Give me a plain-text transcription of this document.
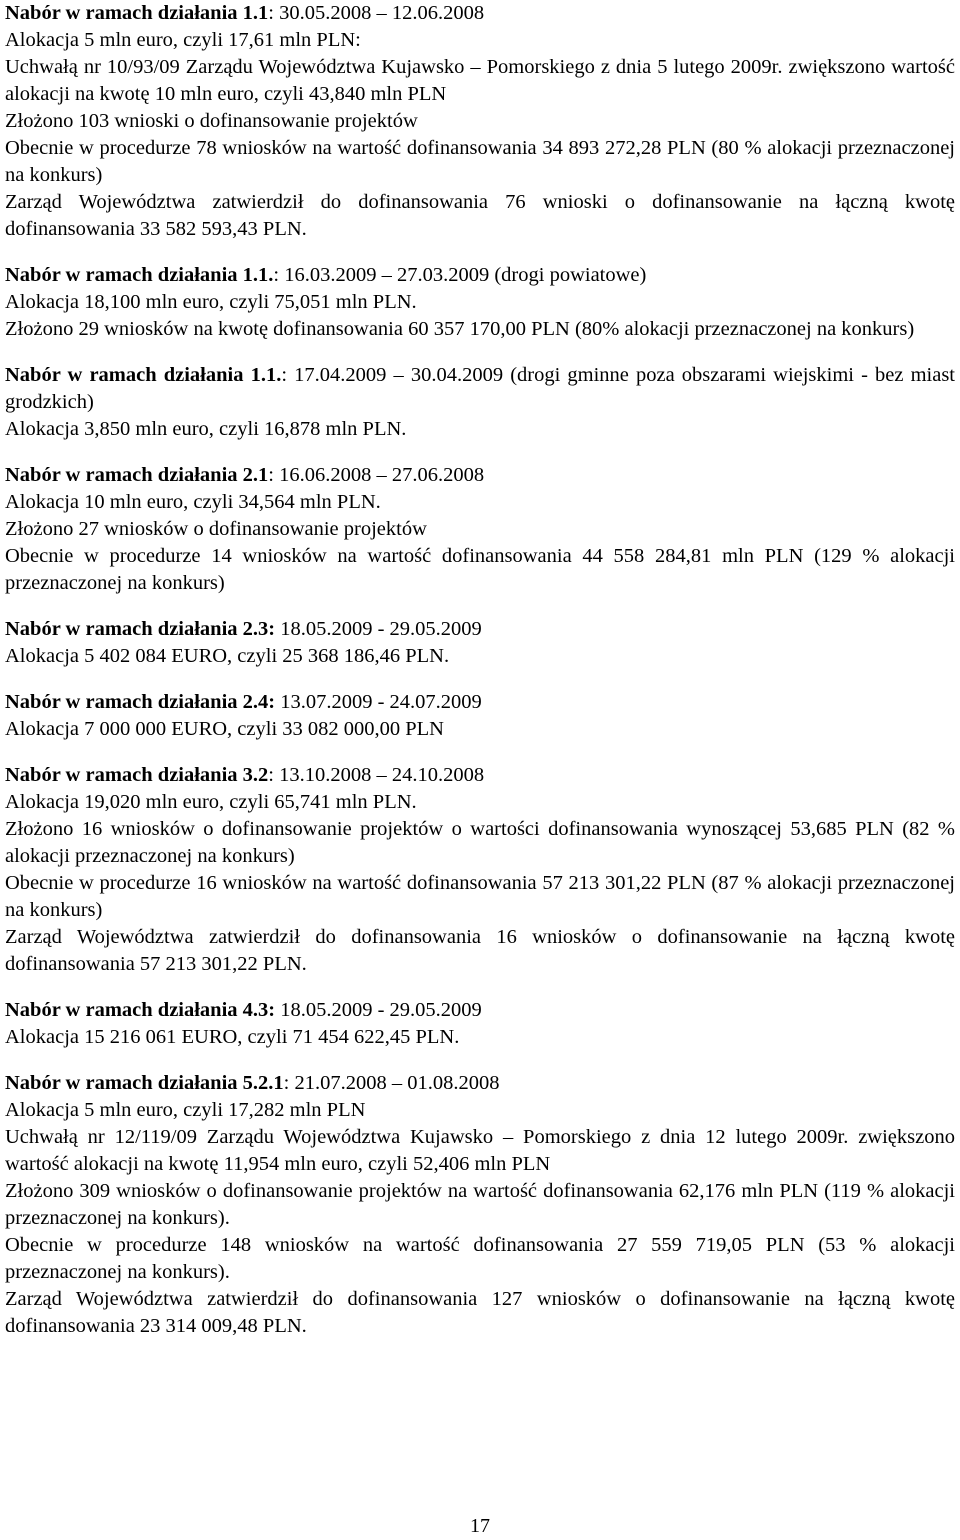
Nabór w ramach działania 1.1: 30.05.2008 – 12.06.2008

Alokacja 5 mln euro, czyli 17,61 mln PLN:

Uchwałą nr 10/93/09 Zarządu Województwa Kujawsko – Pomorskiego z dnia 5 lutego 2009r. zwiększono wartość alokacji na kwotę 10 mln euro, czyli 43,840 mln PLN

Złożono 103 wnioski o dofinansowanie projektów

Obecnie w procedurze 78 wniosków na wartość dofinansowania 34 893 272,28 PLN (80 % alokacji przeznaczonej na konkurs)

Zarząd Województwa zatwierdził do dofinansowania 76 wnioski o dofinansowanie na łączną kwotę dofinansowania 33 582 593,43 PLN.

Nabór w ramach działania 1.1.: 16.03.2009 – 27.03.2009 (drogi powiatowe)

Alokacja 18,100 mln euro, czyli 75,051 mln PLN.

Złożono 29 wniosków na kwotę dofinansowania 60 357 170,00 PLN (80% alokacji przeznaczonej na konkurs)

Nabór w ramach działania 1.1.: 17.04.2009 – 30.04.2009 (drogi gminne poza obszarami wiejskimi - bez miast grodzkich)

Alokacja 3,850 mln euro, czyli 16,878 mln PLN.

Nabór w ramach działania 2.1: 16.06.2008 – 27.06.2008

Alokacja 10 mln euro, czyli 34,564 mln PLN.

Złożono 27 wniosków o dofinansowanie projektów

Obecnie w procedurze 14 wniosków na wartość dofinansowania 44 558 284,81 mln PLN (129 % alokacji przeznaczonej na konkurs)

Nabór w ramach działania 2.3: 18.05.2009 - 29.05.2009

Alokacja 5 402 084 EURO, czyli 25 368 186,46 PLN.

Nabór w ramach działania 2.4: 13.07.2009 - 24.07.2009

Alokacja 7 000 000 EURO, czyli 33 082 000,00 PLN

Nabór w ramach działania 3.2: 13.10.2008 – 24.10.2008

Alokacja 19,020 mln euro, czyli 65,741 mln PLN.

Złożono 16 wniosków o dofinansowanie projektów o wartości dofinansowania wynoszącej 53,685 PLN (82 % alokacji przeznaczonej na konkurs)

Obecnie w procedurze 16 wniosków na wartość dofinansowania 57 213 301,22 PLN (87 % alokacji przeznaczonej na konkurs)

Zarząd Województwa zatwierdził do dofinansowania 16 wniosków o dofinansowanie na łączną kwotę dofinansowania 57 213 301,22 PLN.

Nabór w ramach działania 4.3: 18.05.2009 - 29.05.2009

Alokacja 15 216 061 EURO, czyli 71 454 622,45 PLN.

Nabór w ramach działania 5.2.1: 21.07.2008 – 01.08.2008

Alokacja 5 mln euro, czyli 17,282 mln PLN

Uchwałą nr 12/119/09 Zarządu Województwa Kujawsko – Pomorskiego z dnia 12 lutego 2009r. zwiększono wartość alokacji na kwotę 11,954 mln euro, czyli 52,406 mln PLN

Złożono 309 wniosków o dofinansowanie projektów na wartość dofinansowania 62,176 mln PLN (119 % alokacji przeznaczonej na konkurs).

Obecnie w procedurze 148 wniosków na wartość dofinansowania 27 559 719,05 PLN (53 % alokacji przeznaczonej na konkurs).

Zarząd Województwa zatwierdził do dofinansowania 127 wniosków o dofinansowanie na łączną kwotę dofinansowania 23 314 009,48 PLN.

17
